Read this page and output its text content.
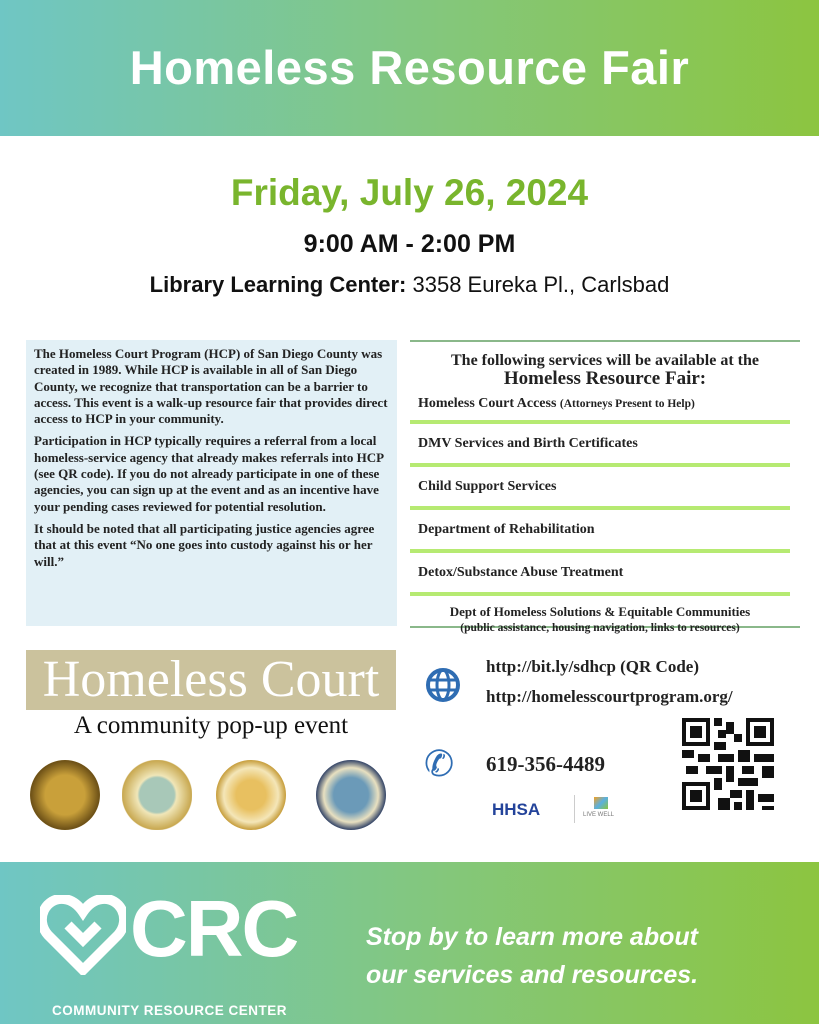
Homeless Resource Fair
Friday, July 26, 2024
9:00 AM - 2:00 PM
Library Learning Center: 3358 Eureka Pl., Carlsbad

The Homeless Court Program (HCP) of San Diego County was created in 1989. While HCP is available in all of San Diego County, we recognize that transportation can be a barrier to access. This event is a walk-up resource fair that provides direct access to HCP in your community.

Participation in HCP typically requires a referral from a local homeless-service agency that already makes referrals into HCP (see QR code). If you do not already participate in one of these agencies, you can sign up at the event and as an incentive have your pending cases reviewed for potential resolution.

It should be noted that all participating justice agencies agree that at this event “No one goes into custody against his or her will.”

The following services will be available at the
Homeless Resource Fair:
Homeless Court Access
(Attorneys Present to Help)
DMV Services and Birth Certificates
Child Support Services
Department of Rehabilitation
Detox/Substance Abuse Treatment
Dept of Homeless Solutions & Equitable Communities
(public assistance, housing navigation, links to resources)
Homeless Court
A community pop-up event
http://bit.ly/sdhcp (QR Code)
http://homelesscourtprogram.org/
✆ 619-356-4489
HHSA	LIVE WELL
CRC
COMMUNITY RESOURCE CENTER
Stop by to learn more about
our services and resources.
